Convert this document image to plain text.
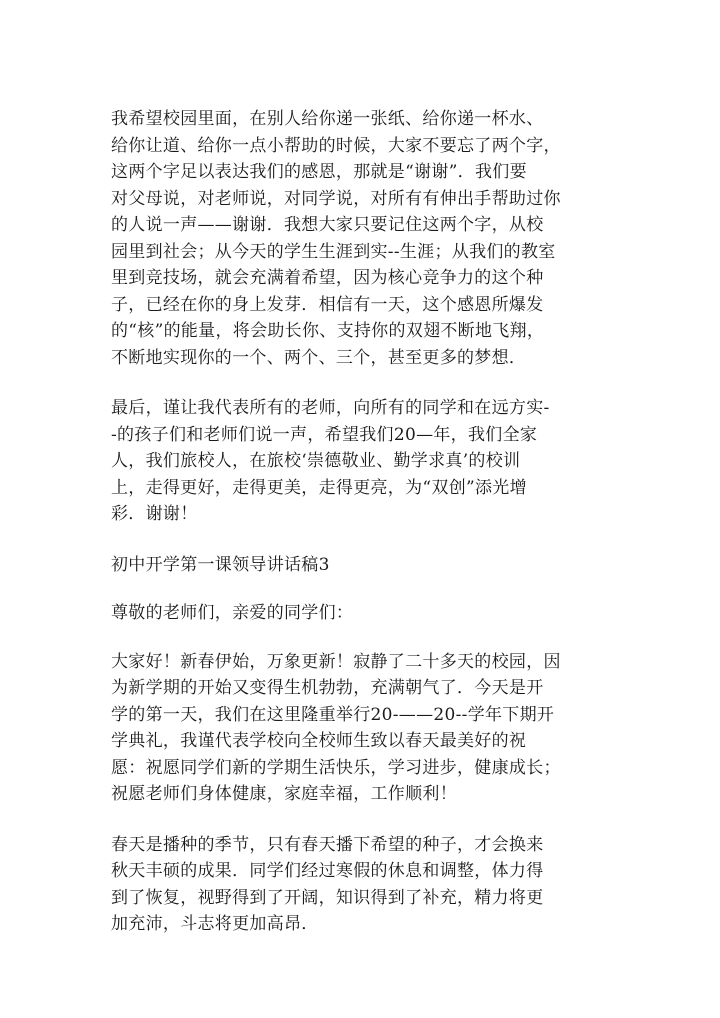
我希望校园里面，在别人给你递一张纸、给你递一杯水、
给你让道、给你一点小帮助的时候，大家不要忘了两个字，
这两个字足以表达我们的感恩，那就是“谢谢”．我们要
对父母说，对老师说，对同学说，对所有有伸出手帮助过你
的人说一声——谢谢．我想大家只要记住这两个字，从校
园里到社会；从今天的学生生涯到实--生涯；从我们的教室
里到竞技场，就会充满着希望，因为核心竞争力的这个种
子，已经在你的身上发芽．相信有一天，这个感恩所爆发
的“核”的能量，将会助长你、支持你的双翅不断地飞翔，
不断地实现你的一个、两个、三个，甚至更多的梦想．

最后，谨让我代表所有的老师，向所有的同学和在远方实-
-的孩子们和老师们说一声，希望我们20—年，我们全家
人，我们旅校人，在旅校‘崇德敬业、勤学求真’的校训
上，走得更好，走得更美，走得更亮，为“双创”添光增
彩．谢谢！

初中开学第一课领导讲话稿3

尊敬的老师们，亲爱的同学们：

大家好！新春伊始，万象更新！寂静了二十多天的校园，因
为新学期的开始又变得生机勃勃，充满朝气了．今天是开
学的第一天，我们在这里隆重举行20-——20--学年下期开
学典礼，我谨代表学校向全校师生致以春天最美好的祝
愿：祝愿同学们新的学期生活快乐，学习进步，健康成长；
祝愿老师们身体健康，家庭幸福，工作顺利！

春天是播种的季节，只有春天播下希望的种子，才会换来
秋天丰硕的成果．同学们经过寒假的休息和调整，体力得
到了恢复，视野得到了开阔，知识得到了补充，精力将更
加充沛，斗志将更加高昂．
